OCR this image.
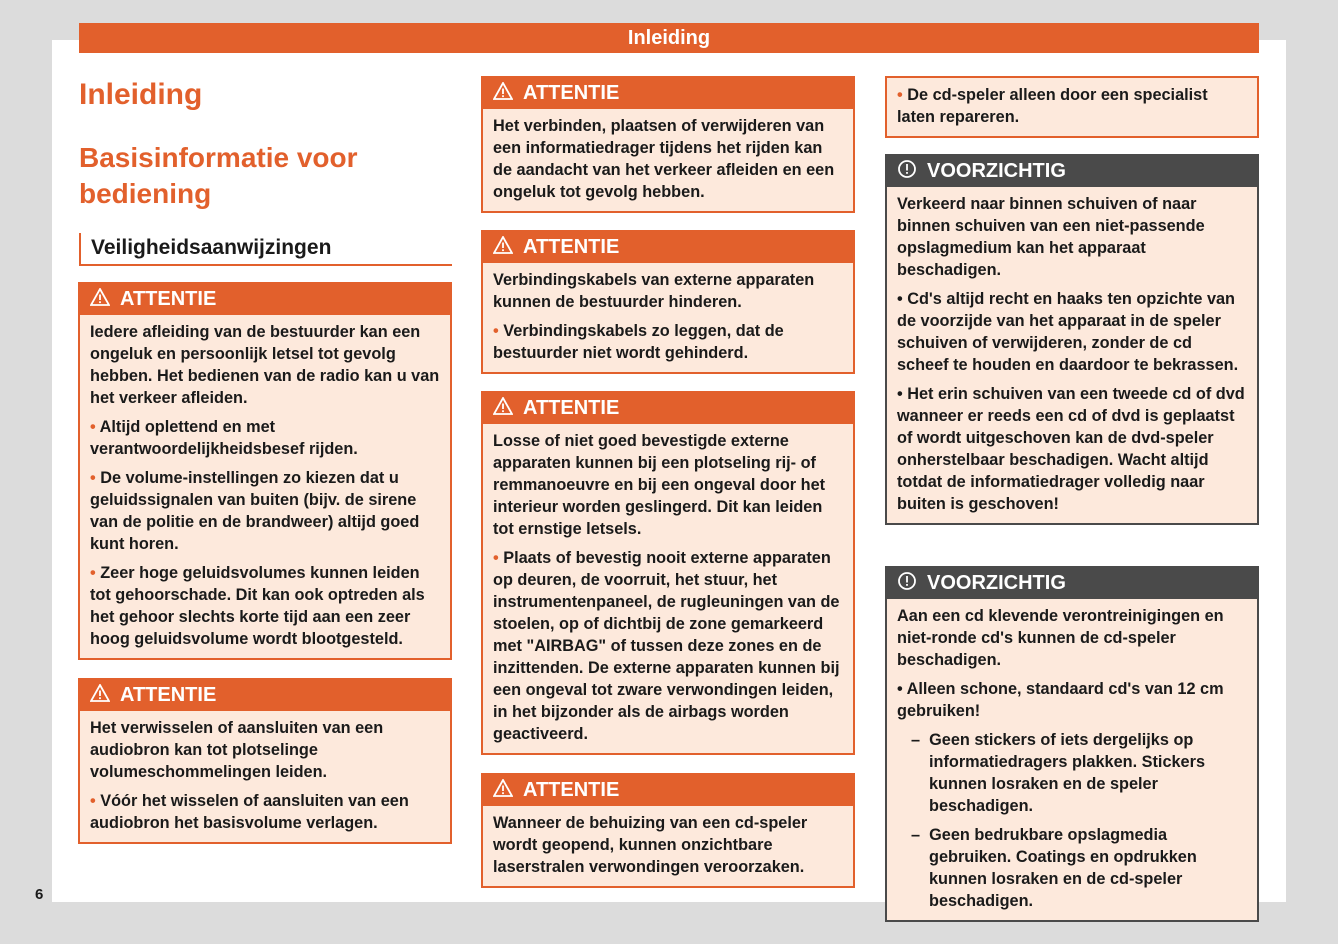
Inleiding
6
Inleiding
Basisinformatie voor bediening
Veiligheidsaanwijzingen
ATTENTIE

Iedere afleiding van de bestuurder kan een ongeluk en persoonlijk letsel tot gevolg hebben. Het bedienen van de radio kan u van het verkeer afleiden.

• Altijd oplettend en met verantwoordelijkheidsbesef rijden.

• De volume-instellingen zo kiezen dat u geluidssignalen van buiten (bijv. de sirene van de politie en de brandweer) altijd goed kunt horen.

• Zeer hoge geluidsvolumes kunnen leiden tot gehoorschade. Dit kan ook optreden als het gehoor slechts korte tijd aan een zeer hoog geluidsvolume wordt blootgesteld.

ATTENTIE

Het verwisselen of aansluiten van een audiobron kan tot plotselinge volumeschommelingen leiden.

• Vóór het wisselen of aansluiten van een audiobron het basisvolume verlagen.

ATTENTIE

Het verbinden, plaatsen of verwijderen van een informatiedrager tijdens het rijden kan de aandacht van het verkeer afleiden en een ongeluk tot gevolg hebben.

ATTENTIE

Verbindingskabels van externe apparaten kunnen de bestuurder hinderen.

• Verbindingskabels zo leggen, dat de bestuurder niet wordt gehinderd.

ATTENTIE

Losse of niet goed bevestigde externe apparaten kunnen bij een plotseling rij- of remmanoeuvre en bij een ongeval door het interieur worden geslingerd. Dit kan leiden tot ernstige letsels.

• Plaats of bevestig nooit externe apparaten op deuren, de voorruit, het stuur, het instrumentenpaneel, de rugleuningen van de stoelen, op of dichtbij de zone gemarkeerd met "AIRBAG" of tussen deze zones en de inzittenden. De externe apparaten kunnen bij een ongeval tot zware verwondingen leiden, in het bijzonder als de airbags worden geactiveerd.

ATTENTIE

Wanneer de behuizing van een cd-speler wordt geopend, kunnen onzichtbare laserstralen verwondingen veroorzaken.

• De cd-speler alleen door een specialist laten repareren.

VOORZICHTIG

Verkeerd naar binnen schuiven of naar binnen schuiven van een niet-passende opslagmedium kan het apparaat beschadigen.

• Cd's altijd recht en haaks ten opzichte van de voorzijde van het apparaat in de speler schuiven of verwijderen, zonder de cd scheef te houden en daardoor te bekrassen.

• Het erin schuiven van een tweede cd of dvd wanneer er reeds een cd of dvd is geplaatst of wordt uitgeschoven kan de dvd-speler onherstelbaar beschadigen. Wacht altijd totdat de informatiedrager volledig naar buiten is geschoven!

VOORZICHTIG

Aan een cd klevende verontreinigingen en niet-ronde cd's kunnen de cd-speler beschadigen.

• Alleen schone, standaard cd's van 12 cm gebruiken!

– Geen stickers of iets dergelijks op informatiedragers plakken. Stickers kunnen losraken en de speler beschadigen.

– Geen bedrukbare opslagmedia gebruiken. Coatings en opdrukken kunnen losraken en de cd-speler beschadigen.
